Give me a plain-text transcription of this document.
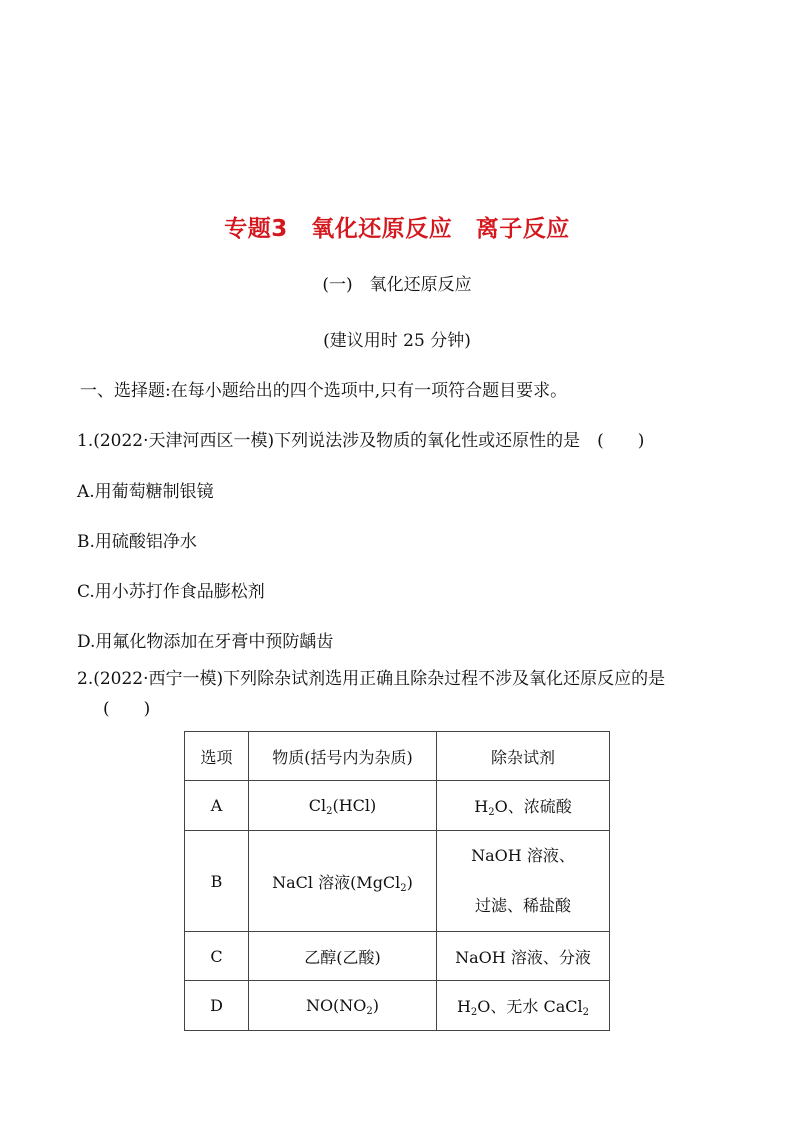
专题3　氧化还原反应　离子反应
(一)　氧化还原反应
(建议用时 25 分钟)
一、选择题:在每小题给出的四个选项中,只有一项符合题目要求。
1.(2022·天津河西区一模)下列说法涉及物质的氧化性或还原性的是　(　　)
A.用葡萄糖制银镜
B.用硫酸铝净水
C.用小苏打作食品膨松剂
D.用氟化物添加在牙膏中预防龋齿
2.(2022·西宁一模)下列除杂试剂选用正确且除杂过程不涉及氧化还原反应的是
(　　)
选项	物质(括号内为杂质)	除杂试剂
A	$Cl_2(HCl)$	$H_2O$、浓硫酸
B	NaCl 溶液(MgCl$_2$)	NaOH 溶液、
过滤、稀盐酸

C	乙醇(乙酸)	NaOH 溶液、分液
D	$NO(NO_2)$	$H_2O$、无水 CaCl$_2$
